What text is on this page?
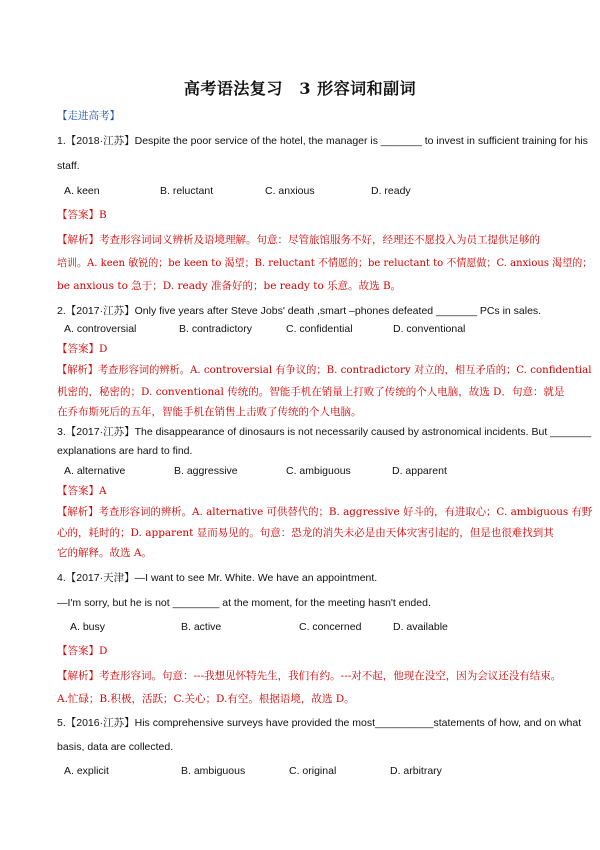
高考语法复习　3 形容词和副词
【走进高考】
1.【2018·江苏】Despite the poor service of the hotel, the manager is _______ to invest in sufficient training for his
staff.
A. keen	B. reluctant	C. anxious	D. ready
【答案】B
【解析】考查形容词词义辨析及语境理解。句意：尽管旅馆服务不好，经理还不愿投入为员工提供足够的
培训。A. keen 敏锐的；be keen to 渴望；B. reluctant 不情愿的；be reluctant to 不情愿做；C. anxious 渴望的；
be anxious to 急于；D. ready 准备好的；be ready to 乐意。故选 B。
2.【2017·江苏】Only five years after Steve Jobs' death ,smart –phones defeated _______ PCs in sales.
A. controversial	B. contradictory	C. confidential	D. conventional
【答案】D
【解析】考查形容词的辨析。A. controversial 有争议的；B. contradictory 对立的，相互矛盾的；C. confidential
机密的，秘密的；D. conventional 传统的。智能手机在销量上打败了传统的个人电脑，故选 D．句意：就是
在乔布斯死后的五年，智能手机在销售上击败了传统的个人电脑。
3.【2017·江苏】The disappearance of dinosaurs is not necessarily caused by astronomical incidents. But _______
explanations are hard to find.
A. alternative	B. aggressive	C. ambiguous	D. apparent
【答案】A
【解析】考查形容词的辨析。A. alternative 可供替代的；B. aggressive 好斗的，有进取心；C. ambiguous 有野
心的，耗时的；D. apparent 显而易见的。句意：恐龙的消失未必是由天体灾害引起的，但是也很难找到其
它的解释。故选 A。
4.【2017·天津】—I want to see Mr. White. We have an appointment.
—I'm sorry, but he is not ________ at the moment, for the meeting hasn't ended.
A. busy	B. active	C. concerned	D. available
【答案】D
【解析】考查形容词。句意：---我想见怀特先生，我们有约。---对不起，他现在没空，因为会议还没有结束。
A.忙碌；B.积极，活跃；C.关心；D.有空。根据语境，故选 D。
5.【2016·江苏】His comprehensive surveys have provided the most__________statements of how, and on what
basis, data are collected.
A. explicit	B. ambiguous	C. original	D. arbitrary
